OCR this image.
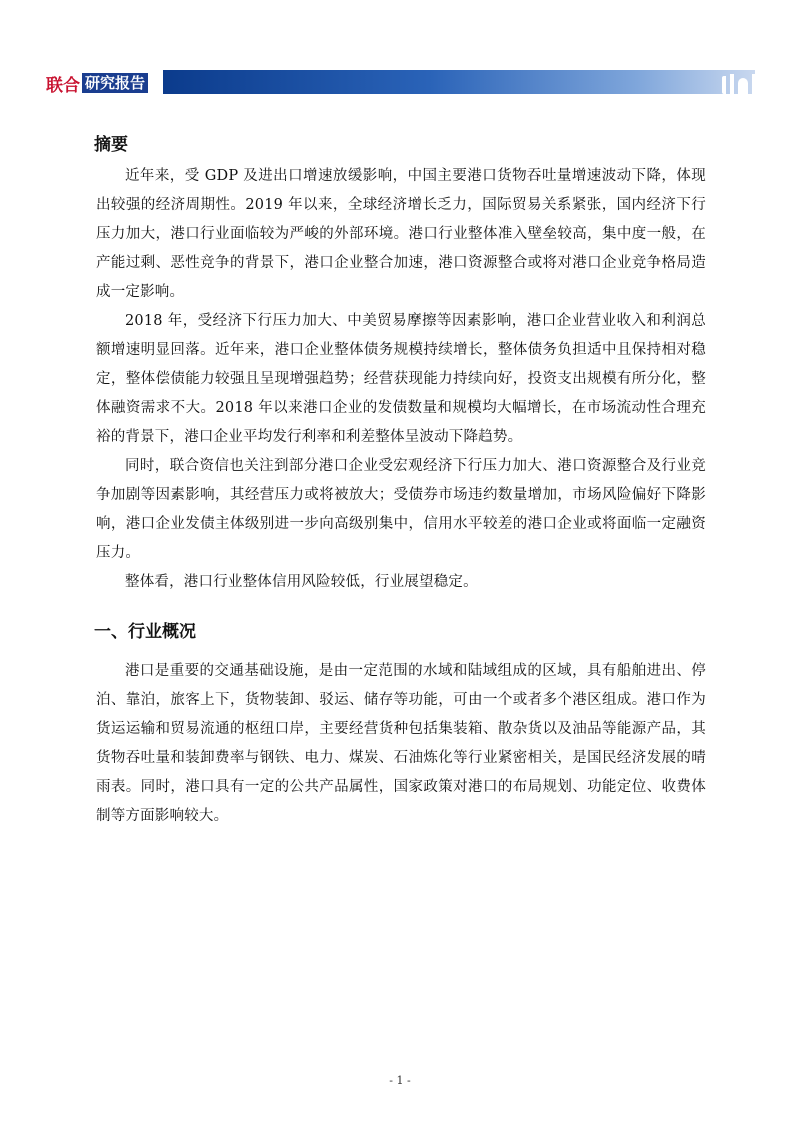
联合 研究报告
摘要

近年来，受 GDP 及进出口增速放缓影响，中国主要港口货物吞吐量增速波动下降，体现出较强的经济周期性。2019 年以来，全球经济增长乏力，国际贸易关系紧张，国内经济下行压力加大，港口行业面临较为严峻的外部环境。港口行业整体准入壁垒较高，集中度一般，在产能过剩、恶性竞争的背景下，港口企业整合加速，港口资源整合或将对港口企业竞争格局造成一定影响。

2018 年，受经济下行压力加大、中美贸易摩擦等因素影响，港口企业营业收入和利润总额增速明显回落。近年来，港口企业整体债务规模持续增长，整体债务负担适中且保持相对稳定，整体偿债能力较强且呈现增强趋势；经营获现能力持续向好，投资支出规模有所分化，整体融资需求不大。2018 年以来港口企业的发债数量和规模均大幅增长，在市场流动性合理充裕的背景下，港口企业平均发行利率和利差整体呈波动下降趋势。

同时，联合资信也关注到部分港口企业受宏观经济下行压力加大、港口资源整合及行业竞争加剧等因素影响，其经营压力或将被放大；受债券市场违约数量增加，市场风险偏好下降影响，港口企业发债主体级别进一步向高级别集中，信用水平较差的港口企业或将面临一定融资压力。

整体看，港口行业整体信用风险较低，行业展望稳定。

一、行业概况

港口是重要的交通基础设施，是由一定范围的水域和陆域组成的区域，具有船舶进出、停泊、靠泊，旅客上下，货物装卸、驳运、储存等功能，可由一个或者多个港区组成。港口作为货运运输和贸易流通的枢纽口岸，主要经营货种包括集装箱、散杂货以及油品等能源产品，其货物吞吐量和装卸费率与钢铁、电力、煤炭、石油炼化等行业紧密相关，是国民经济发展的晴雨表。同时，港口具有一定的公共产品属性，国家政策对港口的布局规划、功能定位、收费体制等方面影响较大。

- 1 -
